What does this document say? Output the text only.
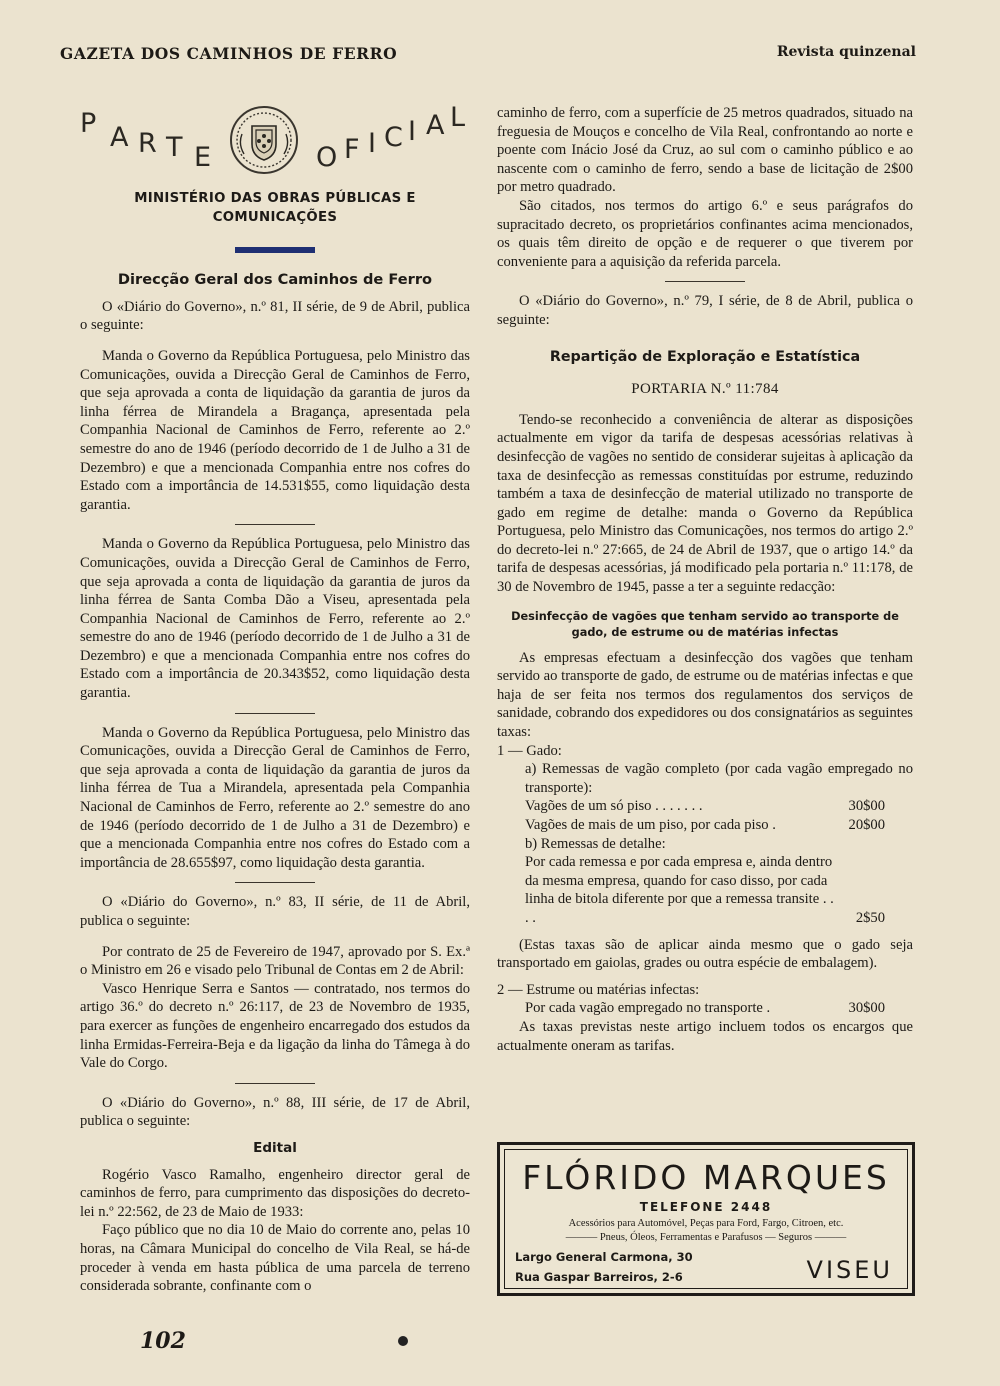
GAZETA DOS CAMINHOS DE FERRO	Revista quinzenal
P A R T E	O F I C I A L
MINISTÉRIO DAS OBRAS PÚBLICAS E COMUNICAÇÕES
Direcção Geral dos Caminhos de Ferro

O «Diário do Governo», n.º 81, II série, de 9 de Abril, publica o seguinte:

Manda o Governo da República Portuguesa, pelo Ministro das Comunicações, ouvida a Direcção Geral de Caminhos de Ferro, que seja aprovada a conta de liquidação da garantia de juros da linha férrea de Mirandela a Bragança, apresentada pela Companhia Nacional de Caminhos de Ferro, referente ao 2.º semestre do ano de 1946 (período decorrido de 1 de Julho a 31 de Dezembro) e que a mencionada Companhia entre nos cofres do Estado com a importância de 14.531$55, como liquidação desta garantia.

Manda o Governo da República Portuguesa, pelo Ministro das Comunicações, ouvida a Direcção Geral de Caminhos de Ferro, que seja aprovada a conta de liquidação da garantia de juros da linha férrea de Santa Comba Dão a Viseu, apresentada pela Companhia Nacional de Caminhos de Ferro, referente ao 2.º semestre do ano de 1946 (período decorrido de 1 de Julho a 31 de Dezembro) e que a mencionada Companhia entre nos cofres do Estado com a importância de 20.343$52, como liquidação desta garantia.

Manda o Governo da República Portuguesa, pelo Ministro das Comunicações, ouvida a Direcção Geral de Caminhos de Ferro, que seja aprovada a conta de liquidação da garantia de juros da linha férrea de Tua a Mirandela, apresentada pela Companhia Nacional de Caminhos de Ferro, referente ao 2.º semestre do ano de 1946 (período decorrido de 1 de Julho a 31 de Dezembro) e que a mencionada Companhia entre nos cofres do Estado com a importância de 28.655$97, como liquidação desta garantia.

O «Diário do Governo», n.º 83, II série, de 11 de Abril, publica o seguinte:

Por contrato de 25 de Fevereiro de 1947, aprovado por S. Ex.ª o Ministro em 26 e visado pelo Tribunal de Contas em 2 de Abril:

Vasco Henrique Serra e Santos — contratado, nos termos do artigo 36.º do decreto n.º 26:117, de 23 de Novembro de 1935, para exercer as funções de engenheiro encarregado dos estudos da linha Ermidas-Ferreira-Beja e da ligação da linha do Tâmega à do Vale do Corgo.

O «Diário do Governo», n.º 88, III série, de 17 de Abril, publica o seguinte:

Edital

Rogério Vasco Ramalho, engenheiro director geral de caminhos de ferro, para cumprimento das disposições do decreto-lei n.º 22:562, de 23 de Maio de 1933:

Faço público que no dia 10 de Maio do corrente ano, pelas 10 horas, na Câmara Municipal do concelho de Vila Real, se há-de proceder à venda em hasta pública de uma parcela de terreno considerada sobrante, confinante com o

caminho de ferro, com a superfície de 25 metros quadrados, situado na freguesia de Mouços e concelho de Vila Real, confrontando ao norte e poente com Inácio José da Cruz, ao sul com o caminho público e ao nascente com o caminho de ferro, sendo a base de licitação de 2$00 por metro quadrado.

São citados, nos termos do artigo 6.º e seus parágrafos do supracitado decreto, os proprietários confinantes acima mencionados, os quais têm direito de opção e de requerer o que tiverem por conveniente para a aquisição da referida parcela.

O «Diário do Governo», n.º 79, I série, de 8 de Abril, publica o seguinte:

Repartição de Exploração e Estatística
PORTARIA N.º 11:784

Tendo-se reconhecido a conveniência de alterar as disposições actualmente em vigor da tarifa de despesas acessórias relativas à desinfecção de vagões no sentido de considerar sujeitas à aplicação da taxa de desinfecção as remessas constituídas por estrume, reduzindo também a taxa de desinfecção de material utilizado no transporte de gado em regime de detalhe: manda o Governo da República Portuguesa, pelo Ministro das Comunicações, nos termos do artigo 2.º do decreto-lei n.º 27:665, de 24 de Abril de 1937, que o artigo 14.º da tarifa de despesas acessórias, já modificado pela portaria n.º 11:178, de 30 de Novembro de 1945, passe a ter a seguinte redacção:

Desinfecção de vagões que tenham servido ao transporte de gado, de estrume ou de matérias infectas

As empresas efectuam a desinfecção dos vagões que tenham servido ao transporte de gado, de estrume ou de matérias infectas e que haja de ser feita nos termos dos regulamentos dos serviços de sanidade, cobrando dos expedidores ou dos consignatários as seguintes taxas:

1 — Gado:

a) Remessas de vagão completo (por cada vagão empregado no transporte):

Vagões de um só piso . . . . . . .	30$00
Vagões de mais de um piso, por cada piso .	20$00

b) Remessas de detalhe:

Por cada remessa e por cada empresa e, ainda dentro da mesma empresa, quando for caso disso, por cada linha de bitola diferente por que a remessa transite . . . .	2$50

(Estas taxas são de aplicar ainda mesmo que o gado seja transportado em gaiolas, grades ou outra espécie de embalagem).

2 — Estrume ou matérias infectas:

Por cada vagão empregado no transporte .	30$00

As taxas previstas neste artigo incluem todos os encargos que actualmente oneram as tarifas.

FLÓRIDO MARQUES
TELEFONE 2448
Acessórios para Automóvel, Peças para Ford, Fargo, Citroen, etc.
——— Pneus, Óleos, Ferramentas e Parafusos — Seguros ———
Largo General Carmona, 30
Rua Gaspar Barreiros, 2-6	VISEU
102
